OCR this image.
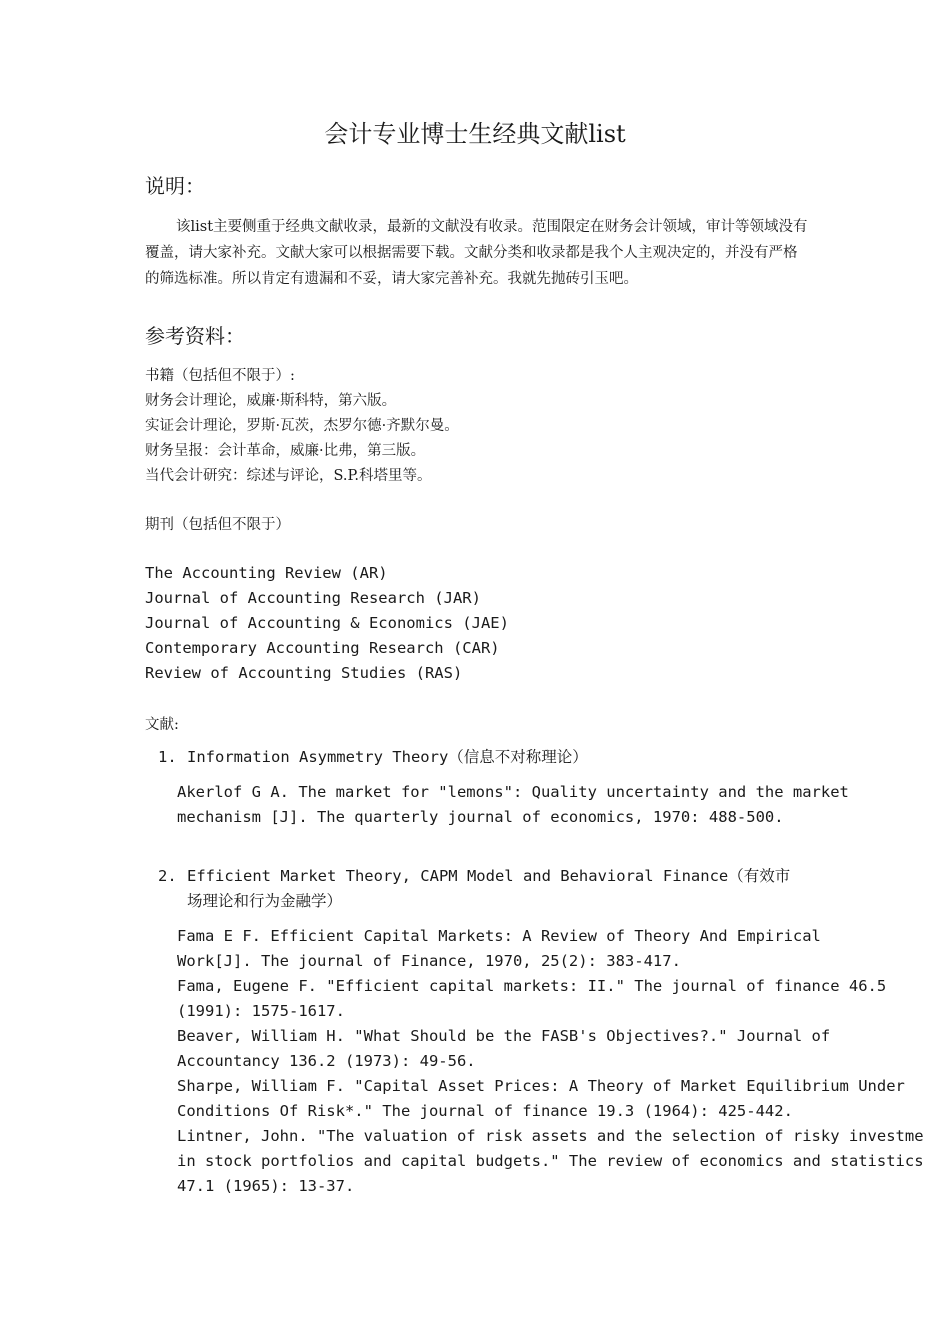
会计专业博士生经典文献list
说明：
该list主要侧重于经典文献收录，最新的文献没有收录。范围限定在财务会计领域，审计等领域没有覆盖，请大家补充。文献大家可以根据需要下载。文献分类和收录都是我个人主观决定的，并没有严格的筛选标准。所以肯定有遗漏和不妥，请大家完善补充。我就先抛砖引玉吧。
参考资料：
书籍（包括但不限于）:
财务会计理论，威廉·斯科特，第六版。
实证会计理论，罗斯·瓦茨，杰罗尔德·齐默尔曼。
财务呈报：会计革命，威廉·比弗，第三版。
当代会计研究：综述与评论，S.P.科塔里等。
期刊（包括但不限于）
The Accounting Review (AR)
Journal of Accounting Research (JAR)
Journal of Accounting & Economics (JAE)
Contemporary Accounting Research (CAR)
Review of Accounting Studies (RAS)
文献:
1. Information Asymmetry Theory（信息不对称理论）
Akerlof G A. The market for "lemons": Quality uncertainty and the market
mechanism [J]. The quarterly journal of economics, 1970: 488-500.
2. Efficient Market Theory, CAPM Model and Behavioral Finance（有效市
场理论和行为金融学）
Fama E F. Efficient Capital Markets: A Review of Theory And Empirical
Work[J]. The journal of Finance, 1970, 25(2): 383-417.
Fama, Eugene F. "Efficient capital markets: II." The journal of finance 46.5
(1991): 1575-1617.
Beaver, William H. "What Should be the FASB's Objectives?." Journal of
Accountancy 136.2 (1973): 49-56.
Sharpe, William F. "Capital Asset Prices: A Theory of Market Equilibrium Under
Conditions Of Risk*." The journal of finance 19.3 (1964): 425-442.
Lintner, John. "The valuation of risk assets and the selection of risky investme
in stock portfolios and capital budgets." The review of economics and statistics
47.1 (1965): 13-37.
